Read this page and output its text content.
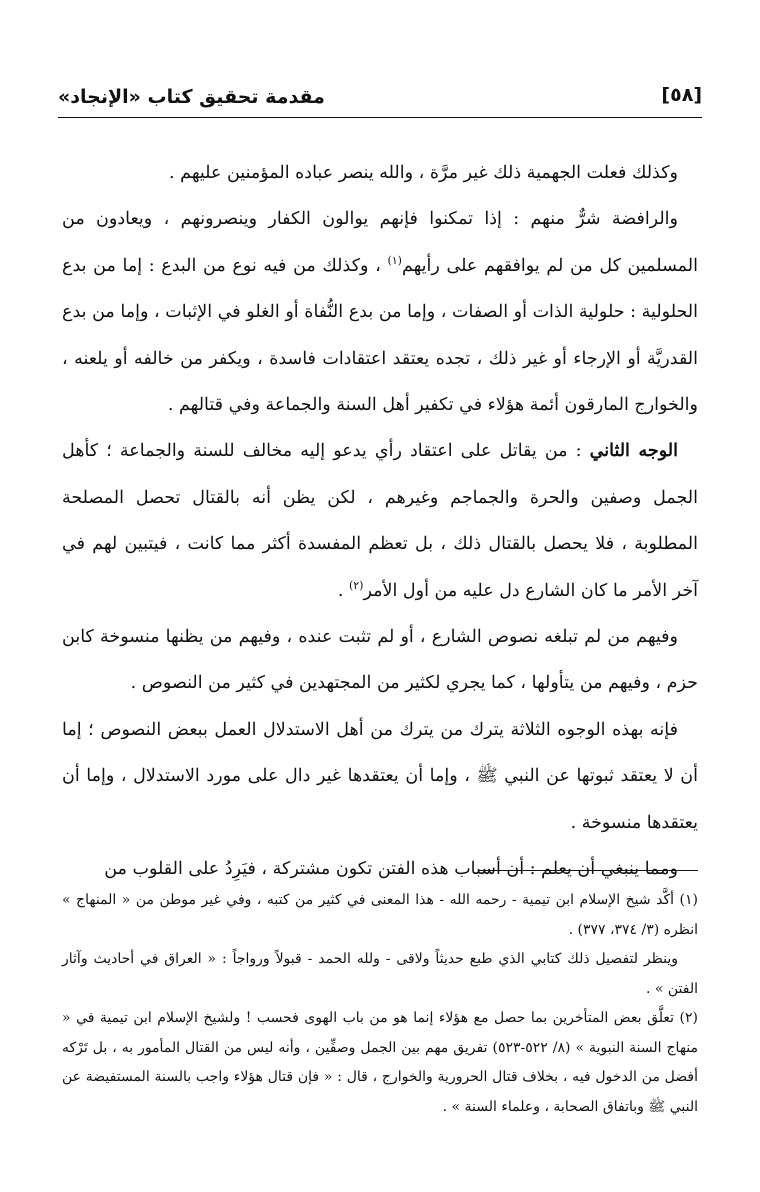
[٥٨]
مقدمة تحقيق كتاب «الإنجاد»

وكذلك فعلت الجهمية ذلك غير مرَّة ، والله ينصر عباده المؤمنين عليهم .

والرافضة شرٌّ منهم : إذا تمكنوا فإنهم يوالون الكفار وينصرونهم ، ويعادون من المسلمين كل من لم يوافقهم على رأيهم$^{(١)}$ ، وكذلك من فيه نوع من البدع : إما من بدع الحلولية : حلولية الذات أو الصفات ، وإما من بدع النُّفاة أو الغلو في الإثبات ، وإما من بدع القدريَّة أو الإرجاء أو غير ذلك ، تجده يعتقد اعتقادات فاسدة ، ويكفر من خالفه أو يلعنه ، والخوارج المارقون أئمة هؤلاء في تكفير أهل السنة والجماعة وفي قتالهم .

الوجه الثاني : من يقاتل على اعتقاد رأي يدعو إليه مخالف للسنة والجماعة ؛ كأهل الجمل وصفين والحرة والجماجم وغيرهم ، لكن يظن أنه بالقتال تحصل المصلحة المطلوبة ، فلا يحصل بالقتال ذلك ، بل تعظم المفسدة أكثر مما كانت ، فيتبين لهم في آخر الأمر ما كان الشارع دل عليه من أول الأمر$^{(٢)}$ .

وفيهم من لم تبلغه نصوص الشارع ، أو لم تثبت عنده ، وفيهم من يظنها منسوخة كابن حزم ، وفيهم من يتأولها ، كما يجري لكثير من المجتهدين في كثير من النصوص .

فإنه بهذه الوجوه الثلاثة يترك من يترك من أهل الاستدلال العمل ببعض النصوص ؛ إما أن لا يعتقد ثبوتها عن النبي ﷺ ، وإما أن يعتقدها غير دال على مورد الاستدلال ، وإما أن يعتقدها منسوخة .

ومما ينبغي أن يعلم : أن أسباب هذه الفتن تكون مشتركة ، فيَرِدُ على القلوب من

(١) أكَّد شيخ الإسلام ابن تيمية - رحمه الله - هذا المعنى في كثير من كتبه ، وفي غير موطن من « المنهاج » انظره (٣/ ٣٧٤، ٣٧٧) .

وينظر لتفصيل ذلك كتابي الذي طبع حديثاً ولاقى - ولله الحمد - قبولاً ورواجاً : « العراق في أحاديث وآثار الفتن » .

(٢) تعلَّق بعض المتأخرين بما حصل مع هؤلاء إنما هو من باب الهوى فحسب ! ولشيخ الإسلام ابن تيمية في « منهاج السنة النبوية » (٨/ ٥٢٢-٥٢٣) تفريق مهم بين الجمل وصفِّين ، وأنه ليس من القتال المأمور به ، بل تَرْكه أفضل من الدخول فيه ، بخلاف قتال الحرورية والخوارج ، قال : « فإن قتال هؤلاء واجب بالسنة المستفيضة عن النبي ﷺ وباتفاق الصحابة ، وعلماء السنة » .
